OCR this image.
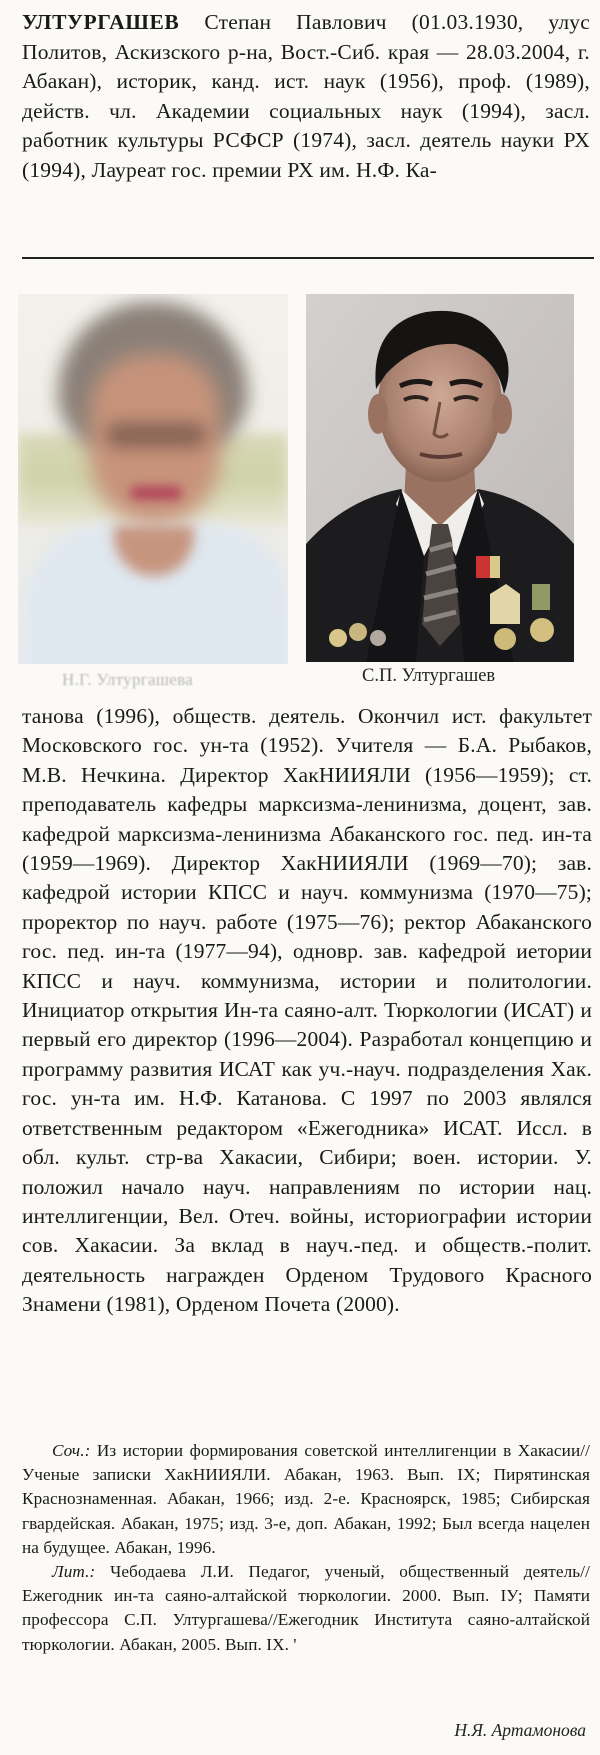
УЛТУРГАШЕВ Степан Павлович (01.03.1930, улус Политов, Аскизского р-на, Вост.-Сиб. края — 28.03.2004, г. Абакан), историк, канд. ист. наук (1956), проф. (1989), действ. чл. Академии социальных наук (1994), засл. работник культуры РСФСР (1974), засл. деятель науки РХ (1994), Лауреат гос. премии РХ им. Н.Ф. Ка-
Н.Г. Ултургашева	С.П. Ултургашев
танова (1996), обществ. деятель. Окончил ист. факультет Московского гос. ун-та (1952). Учителя — Б.А. Рыбаков, М.В. Нечкина. Директор ХакНИИЯЛИ (1956—1959); ст. преподаватель кафедры марксизма-ленинизма, доцент, зав. кафедрой марксизма-ленинизма Абаканского гос. пед. ин-та (1959—1969). Директор ХакНИИЯЛИ (1969—70); зав. кафедрой истории КПСС и науч. коммунизма (1970—75); проректор по науч. работе (1975—76); ректор Абаканского гос. пед. ин-та (1977—94), одновр. зав. кафедрой иетории КПСС и науч. коммунизма, истории и политологии. Инициатор открытия Ин-та саяно-алт. Тюркологии (ИСАТ) и первый его директор (1996—2004). Разработал концепцию и программу развития ИСАТ как уч.-науч. подразделения Хак. гос. ун-та им. Н.Ф. Катанова. С 1997 по 2003 являлся ответственным редактором «Ежегодника» ИСАТ. Иссл. в обл. культ. стр-ва Хакасии, Сибири; воен. истории. У. положил начало науч. направлениям по истории нац. интеллигенции, Вел. Отеч. войны, историографии истории сов. Хакасии. За вклад в науч.-пед. и обществ.-полит. деятельность награжден Орденом Трудового Красного Знамени (1981), Орденом Почета (2000).

Соч.: Из истории формирования советской интеллигенции в Хакасии//Ученые записки ХакНИИЯЛИ. Абакан, 1963. Вып. IX; Пирятинская Краснознаменная. Абакан, 1966; изд. 2-е. Красноярск, 1985; Сибирская гвардейская. Абакан, 1975; изд. 3-е, доп. Абакан, 1992; Был всегда нацелен на будущее. Абакан, 1996.

Лит.: Чебодаева Л.И. Педагог, ученый, общественный деятель//Ежегодник ин-та саяно-алтайской тюркологии. 2000. Вып. IУ; Памяти профессора С.П. Ултургашева//Ежегодник Института саяно-алтайской тюркологии. Абакан, 2005. Вып. IX. '

Н.Я. Артамонова
